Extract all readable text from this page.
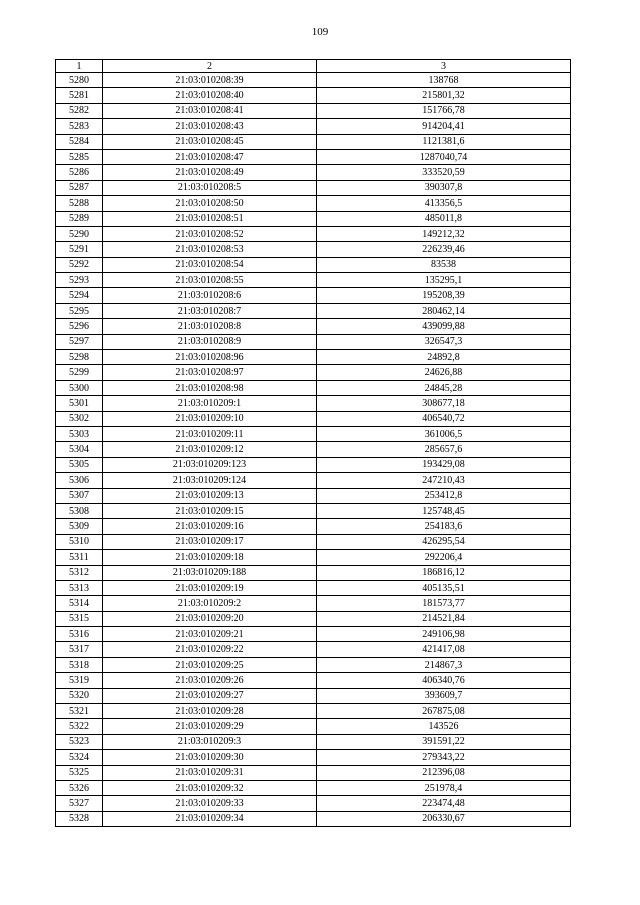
109
1	2	3
5280	21:03:010208:39	138768
5281	21:03:010208:40	215801,32
5282	21:03:010208:41	151766,78
5283	21:03:010208:43	914204,41
5284	21:03:010208:45	1121381,6
5285	21:03:010208:47	1287040,74
5286	21:03:010208:49	333520,59
5287	21:03:010208:5	390307,8
5288	21:03:010208:50	413356,5
5289	21:03:010208:51	485011,8
5290	21:03:010208:52	149212,32
5291	21:03:010208:53	226239,46
5292	21:03:010208:54	83538
5293	21:03:010208:55	135295,1
5294	21:03:010208:6	195208,39
5295	21:03:010208:7	280462,14
5296	21:03:010208:8	439099,88
5297	21:03:010208:9	326547,3
5298	21:03:010208:96	24892,8
5299	21:03:010208:97	24626,88
5300	21:03:010208:98	24845,28
5301	21:03:010209:1	308677,18
5302	21:03:010209:10	406540,72
5303	21:03:010209:11	361006,5
5304	21:03:010209:12	285657,6
5305	21:03:010209:123	193429,08
5306	21:03:010209:124	247210,43
5307	21:03:010209:13	253412,8
5308	21:03:010209:15	125748,45
5309	21:03:010209:16	254183,6
5310	21:03:010209:17	426295,54
5311	21:03:010209:18	292206,4
5312	21:03:010209:188	186816,12
5313	21:03:010209:19	405135,51
5314	21:03:010209:2	181573,77
5315	21:03:010209:20	214521,84
5316	21:03:010209:21	249106,98
5317	21:03:010209:22	421417,08
5318	21:03:010209:25	214867,3
5319	21:03:010209:26	406340,76
5320	21:03:010209:27	393609,7
5321	21:03:010209:28	267875,08
5322	21:03:010209:29	143526
5323	21:03:010209:3	391591,22
5324	21:03:010209:30	279343,22
5325	21:03:010209:31	212396,08
5326	21:03:010209:32	251978,4
5327	21:03:010209:33	223474,48
5328	21:03:010209:34	206330,67
